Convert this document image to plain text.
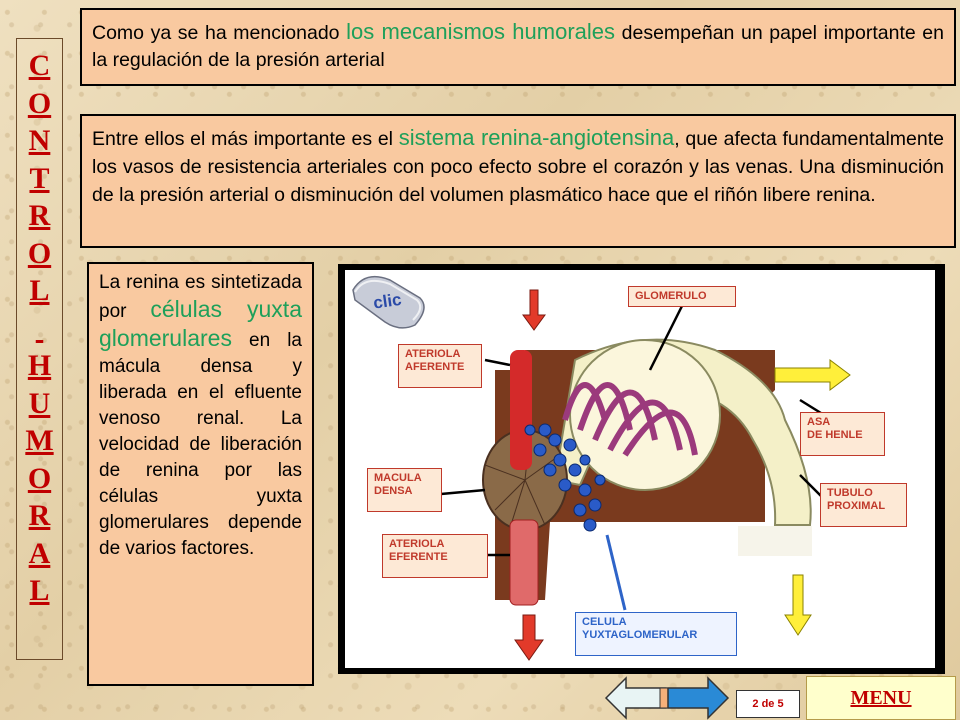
C
O
N
T
R
O
L

H
U
M
O
R
A
L
Como ya se ha mencionado los mecanismos humorales desempeñan un papel importante en la regulación de la presión arterial
Entre ellos el más importante es el sistema renina-angiotensina, que afecta fundamentalmente los vasos de resistencia arteriales con poco efecto sobre el corazón y las venas. Una disminución de la presión arterial o disminución del volumen plasmático hace que el riñón libere renina.
La renina es sintetizada por células yuxta glomerulares en la mácula densa y liberada en el efluente venoso renal. La velocidad de liberación de renina por las células yuxta glomerulares depende de varios factores.
clic	GLOMERULO
ATERIOLA
AFERENTE
ASA
DE HENLE
MACULA
DENSA	TUBULO
PROXIMAL
ATERIOLA
EFERENTE
CELULA
YUXTAGLOMERULAR
2 de 5	MENU
